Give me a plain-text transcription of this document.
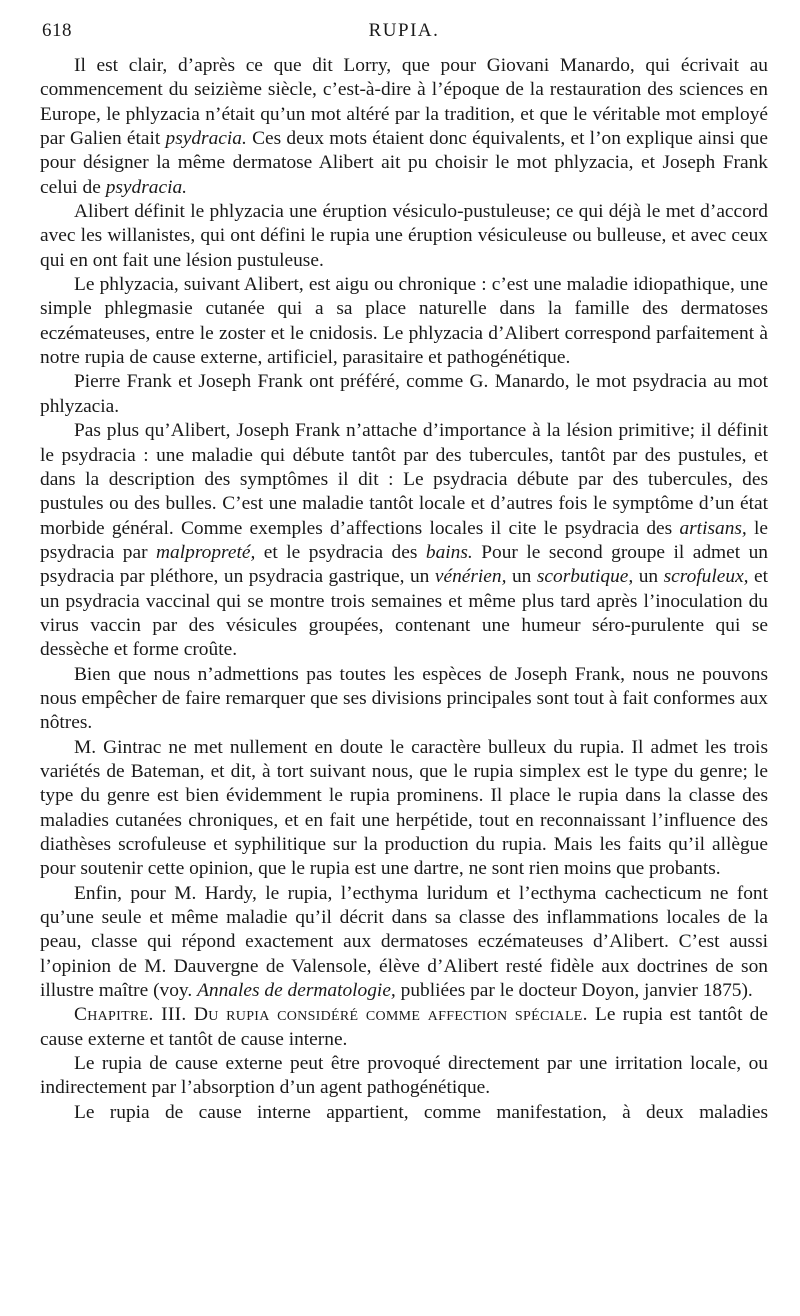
618	RUPIA.

Il est clair, d’après ce que dit Lorry, que pour Giovani Manardo, qui écrivait au commencement du seizième siècle, c’est-à-dire à l’époque de la restauration des sciences en Europe, le phlyzacia n’était qu’un mot altéré par la tradition, et que le véritable mot employé par Galien était psydracia. Ces deux mots étaient donc équivalents, et l’on explique ainsi que pour désigner la même dermatose Alibert ait pu choisir le mot phlyzacia, et Joseph Frank celui de psydracia.

Alibert définit le phlyzacia une éruption vésiculo-pustuleuse; ce qui déjà le met d’accord avec les willanistes, qui ont défini le rupia une éruption vésiculeuse ou bulleuse, et avec ceux qui en ont fait une lésion pustuleuse.

Le phlyzacia, suivant Alibert, est aigu ou chronique : c’est une maladie idiopathique, une simple phlegmasie cutanée qui a sa place naturelle dans la famille des dermatoses eczémateuses, entre le zoster et le cnidosis. Le phlyzacia d’Alibert correspond parfaitement à notre rupia de cause externe, artificiel, parasitaire et pathogénétique.

Pierre Frank et Joseph Frank ont préféré, comme G. Manardo, le mot psydracia au mot phlyzacia.

Pas plus qu’Alibert, Joseph Frank n’attache d’importance à la lésion primitive; il définit le psydracia : une maladie qui débute tantôt par des tubercules, tantôt par des pustules, et dans la description des symptômes il dit : Le psydracia débute par des tubercules, des pustules ou des bulles. C’est une maladie tantôt locale et d’autres fois le symptôme d’un état morbide général. Comme exemples d’affections locales il cite le psydracia des artisans, le psydracia par malpropreté, et le psydracia des bains. Pour le second groupe il admet un psydracia par pléthore, un psydracia gastrique, un vénérien, un scorbutique, un scrofuleux, et un psydracia vaccinal qui se montre trois semaines et même plus tard après l’inoculation du virus vaccin par des vésicules groupées, contenant une humeur séro-purulente qui se dessèche et forme croûte.

Bien que nous n’admettions pas toutes les espèces de Joseph Frank, nous ne pouvons nous empêcher de faire remarquer que ses divisions principales sont tout à fait conformes aux nôtres.

M. Gintrac ne met nullement en doute le caractère bulleux du rupia. Il admet les trois variétés de Bateman, et dit, à tort suivant nous, que le rupia simplex est le type du genre; le type du genre est bien évidemment le rupia prominens. Il place le rupia dans la classe des maladies cutanées chroniques, et en fait une herpétide, tout en reconnaissant l’influence des diathèses scrofuleuse et syphilitique sur la production du rupia. Mais les faits qu’il allègue pour soutenir cette opinion, que le rupia est une dartre, ne sont rien moins que probants.

Enfin, pour M. Hardy, le rupia, l’ecthyma luridum et l’ecthyma cachecticum ne font qu’une seule et même maladie qu’il décrit dans sa classe des inflammations locales de la peau, classe qui répond exactement aux dermatoses eczémateuses d’Alibert. C’est aussi l’opinion de M. Dauvergne de Valensole, élève d’Alibert resté fidèle aux doctrines de son illustre maître (voy. Annales de dermatologie, publiées par le docteur Doyon, janvier 1875).

Chapitre. III. Du rupia considéré comme affection spéciale. Le rupia est tantôt de cause externe et tantôt de cause interne.

Le rupia de cause externe peut être provoqué directement par une irritation locale, ou indirectement par l’absorption d’un agent pathogénétique.

Le rupia de cause interne appartient, comme manifestation, à deux maladies
